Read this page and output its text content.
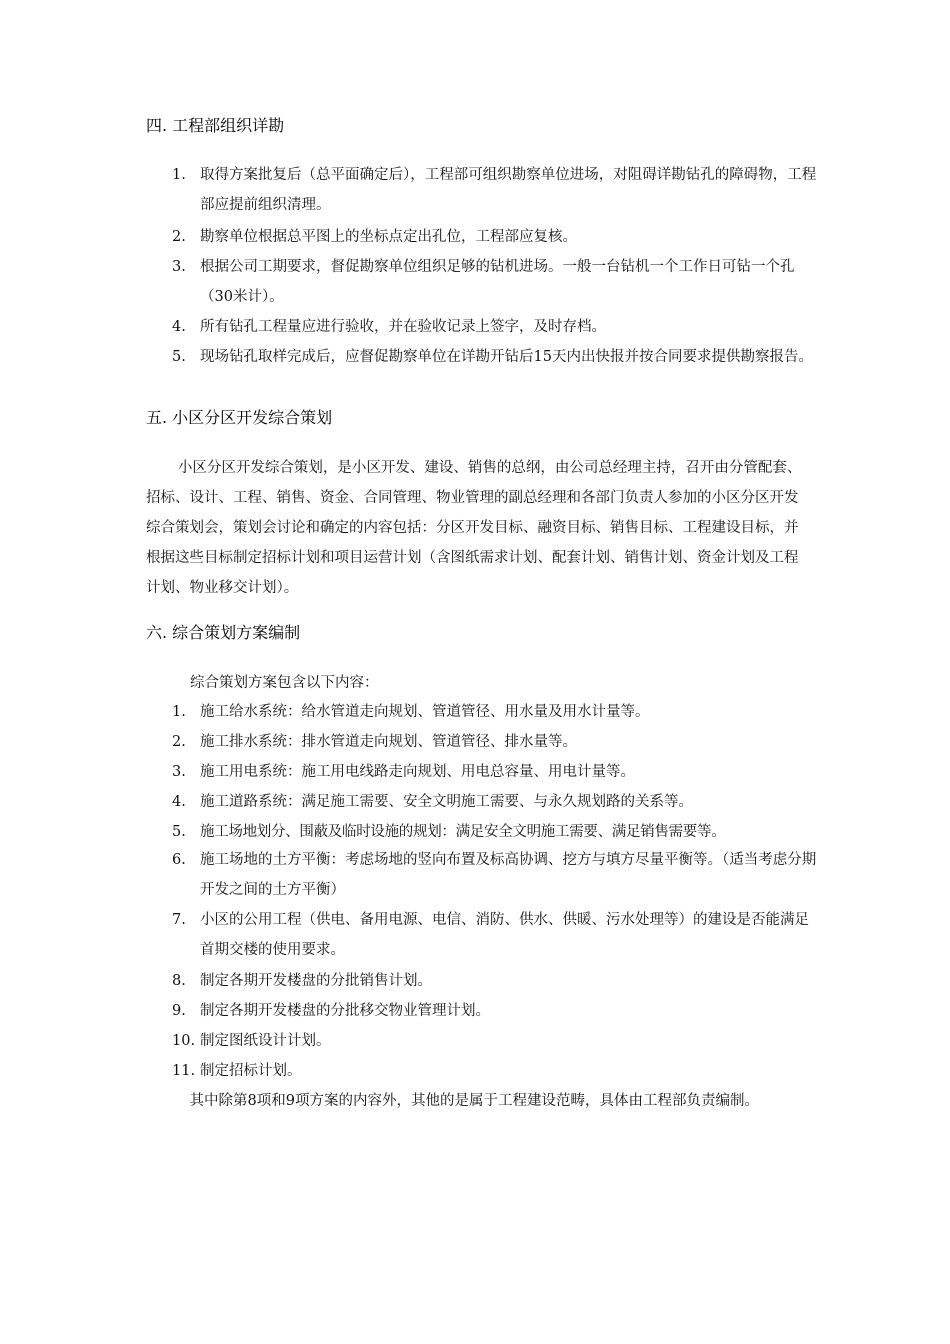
四. 工程部组织详勘
1. 取得方案批复后（总平面确定后），工程部可组织勘察单位进场，对阻碍详勘钻孔的障碍物，工程部应提前组织清理。
2. 勘察单位根据总平图上的坐标点定出孔位，工程部应复核。
3. 根据公司工期要求，督促勘察单位组织足够的钻机进场。一般一台钻机一个工作日可钻一个孔（30米计）。
4. 所有钻孔工程量应进行验收，并在验收记录上签字，及时存档。
5. 现场钻孔取样完成后，应督促勘察单位在详勘开钻后15天内出快报并按合同要求提供勘察报告。
五. 小区分区开发综合策划
小区分区开发综合策划，是小区开发、建设、销售的总纲，由公司总经理主持，召开由分管配套、招标、设计、工程、销售、资金、合同管理、物业管理的副总经理和各部门负责人参加的小区分区开发综合策划会，策划会讨论和确定的内容包括：分区开发目标、融资目标、销售目标、工程建设目标，并根据这些目标制定招标计划和项目运营计划（含图纸需求计划、配套计划、销售计划、资金计划及工程计划、物业移交计划）。
六. 综合策划方案编制
综合策划方案包含以下内容：
1. 施工给水系统：给水管道走向规划、管道管径、用水量及用水计量等。
2. 施工排水系统：排水管道走向规划、管道管径、排水量等。
3. 施工用电系统：施工用电线路走向规划、用电总容量、用电计量等。
4. 施工道路系统：满足施工需要、安全文明施工需要、与永久规划路的关系等。
5. 施工场地划分、围蔽及临时设施的规划：满足安全文明施工需要、满足销售需要等。
6. 施工场地的土方平衡：考虑场地的竖向布置及标高协调、挖方与填方尽量平衡等。（适当考虑分期开发之间的土方平衡）
7. 小区的公用工程（供电、备用电源、电信、消防、供水、供暖、污水处理等）的建设是否能满足首期交楼的使用要求。
8. 制定各期开发楼盘的分批销售计划。
9. 制定各期开发楼盘的分批移交物业管理计划。
10. 制定图纸设计计划。
11. 制定招标计划。
其中除第8项和9项方案的内容外，其他的是属于工程建设范畴，具体由工程部负责编制。
